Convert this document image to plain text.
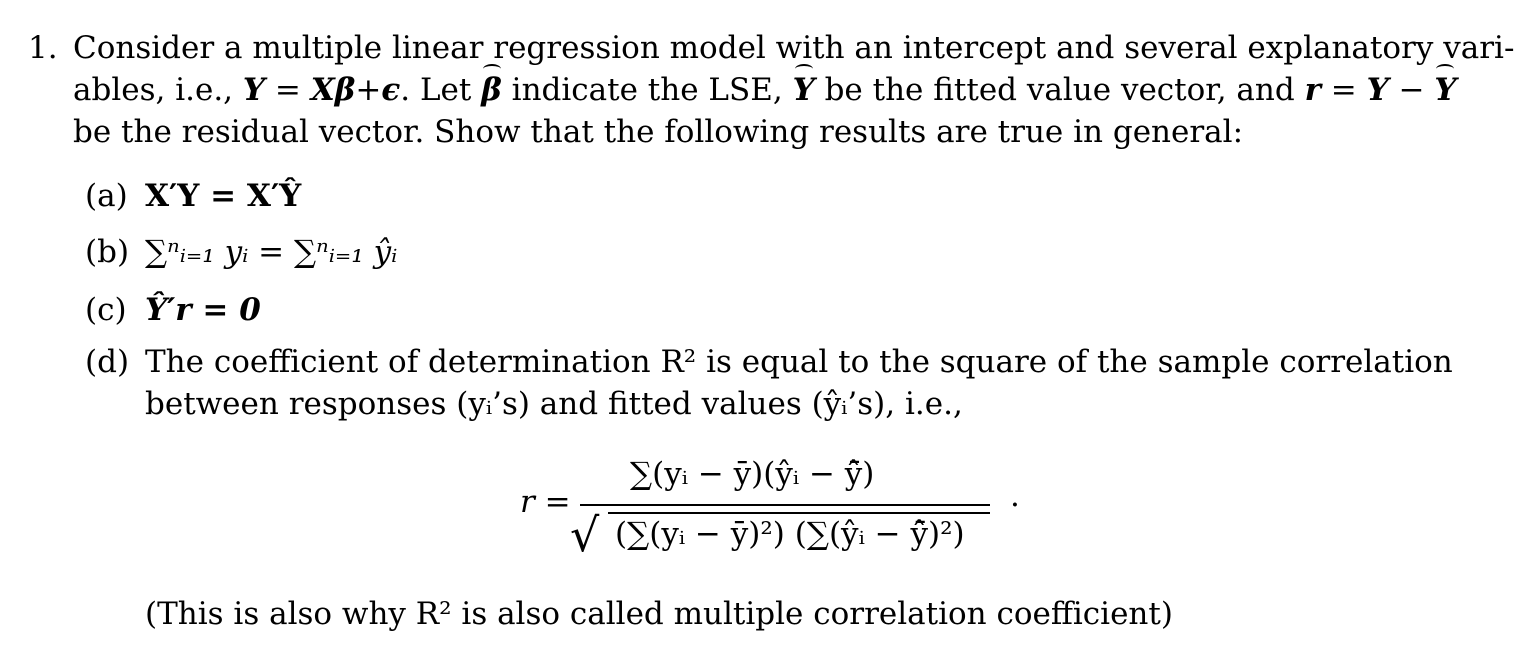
1. Consider a multiple linear regression model with an intercept and several explanatory vari-
ables, i.e., Y = Xβ+ϵ. Let β indicate the LSE, Y be the fitted value vector, and r = Y − Y
be the residual vector. Show that the following results are true in general:
(a) X′Y = X′Ŷ
(b) ∑ⁿᵢ₌₁ yᵢ = ∑ⁿᵢ₌₁ ŷᵢ
(c) Ŷ′r = 0
(d) The coefficient of determination R² is equal to the square of the sample correlation
between responses (yᵢ’s) and fitted values (ŷᵢ’s), i.e.,
r =
∑(yᵢ − ȳ)(ŷᵢ − ŷ̄)
√ (∑(yᵢ − ȳ)²) (∑(ŷᵢ − ŷ̄)²)
.
(This is also why R² is also called multiple correlation coefficient)
